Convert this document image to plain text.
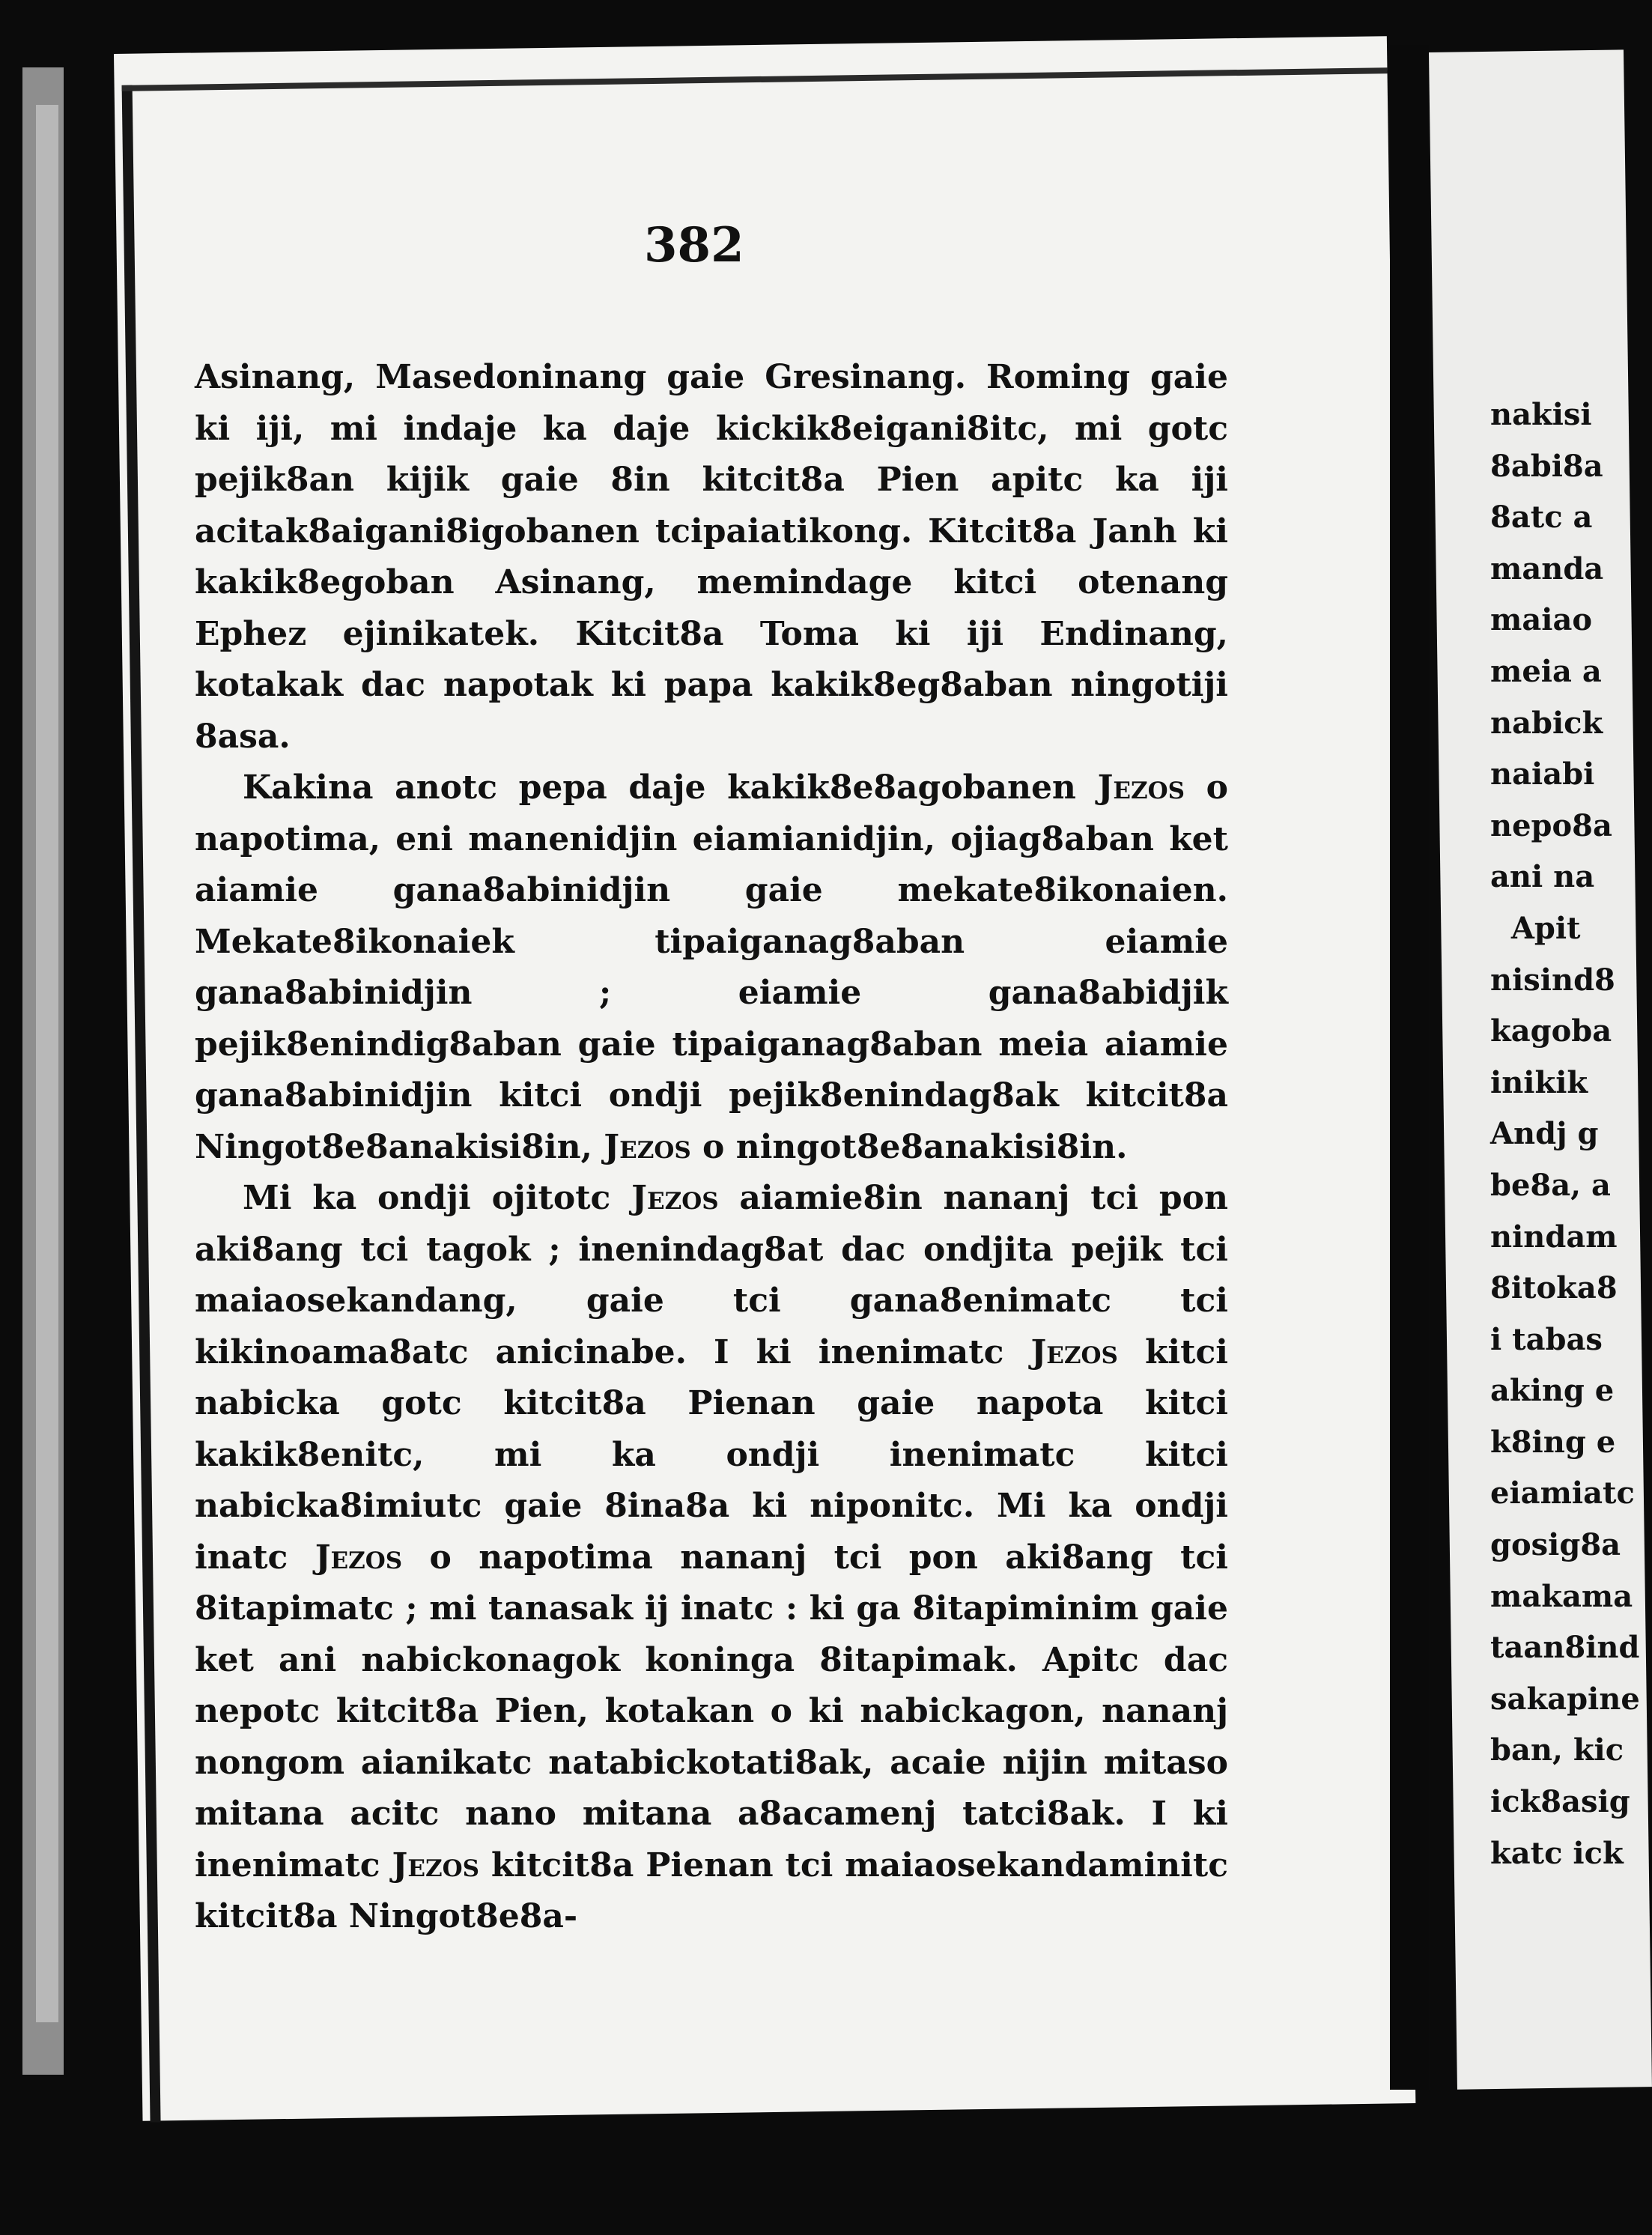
382

Asinang, Masedoninang gaie Gresinang. Roming gaie ki iji, mi indaje ka daje kickik8eigani8itc, mi gotc pejik8an kijik gaie 8in kitcit8a Pien apitc ka iji acitak8aigani8igobanen tcipaiatikong. Kitcit8a Janh ki kakik8egoban Asinang, memindage kitci otenang Ephez ejinikatek. Kitcit8a Toma ki iji Endinang, kotakak dac napotak ki papa kakik8eg8aban ningotiji 8asa.

Kakina anotc pepa daje kakik8e8agobanen Jezos o napotima, eni manenidjin eiamianidjin, ojiag8aban ket aiamie gana8abinidjin gaie mekate8ikonaien. Mekate8ikonaiek tipaiganag8aban eiamie gana8abinidjin ; eiamie gana8abidjik pejik8enindig8aban gaie tipaiganag8aban meia aiamie gana8abinidjin kitci ondji pejik8enindag8ak kitcit8a Ningot8e8anakisi8in, Jezos o ningot8e8anakisi8in.

Mi ka ondji ojitotc Jezos aiamie8in nananj tci pon aki8ang tci tagok ; inenindag8at dac ondjita pejik tci maiaosekandang, gaie tci gana8enimatc tci kikinoama8atc anicinabe. I ki inenimatc Jezos kitci nabicka gotc kitcit8a Pienan gaie napota kitci kakik8enitc, mi ka ondji inenimatc kitci nabicka8imiutc gaie 8ina8a ki niponitc. Mi ka ondji inatc Jezos o napotima nananj tci pon aki8ang tci 8itapimatc ; mi tanasak ij inatc : ki ga 8itapiminim gaie ket ani nabickonagok koninga 8itapimak. Apitc dac nepotc kitcit8a Pien, kotakan o ki nabickagon, nananj nongom aianikatc natabickotati8ak, acaie nijin mitaso mitana acitc nano mitana a8acamenj tatci8ak. I ki inenimatc Jezos kitcit8a Pienan tci maiaosekandaminitc kitcit8a Ningot8e8a-

nakisi
8abi8a
8atc a
manda
maiao
meia a
nabick
naiabi
nepo8a
ani na
Apit
nisind8
kagoba
inikik
Andj g
be8a, a
nindam
8itoka8
i tabas
aking e
k8ing e
eiamiatc
gosig8a
makama
taan8ind
sakapine
ban, kic
ick8asig
katc ick
